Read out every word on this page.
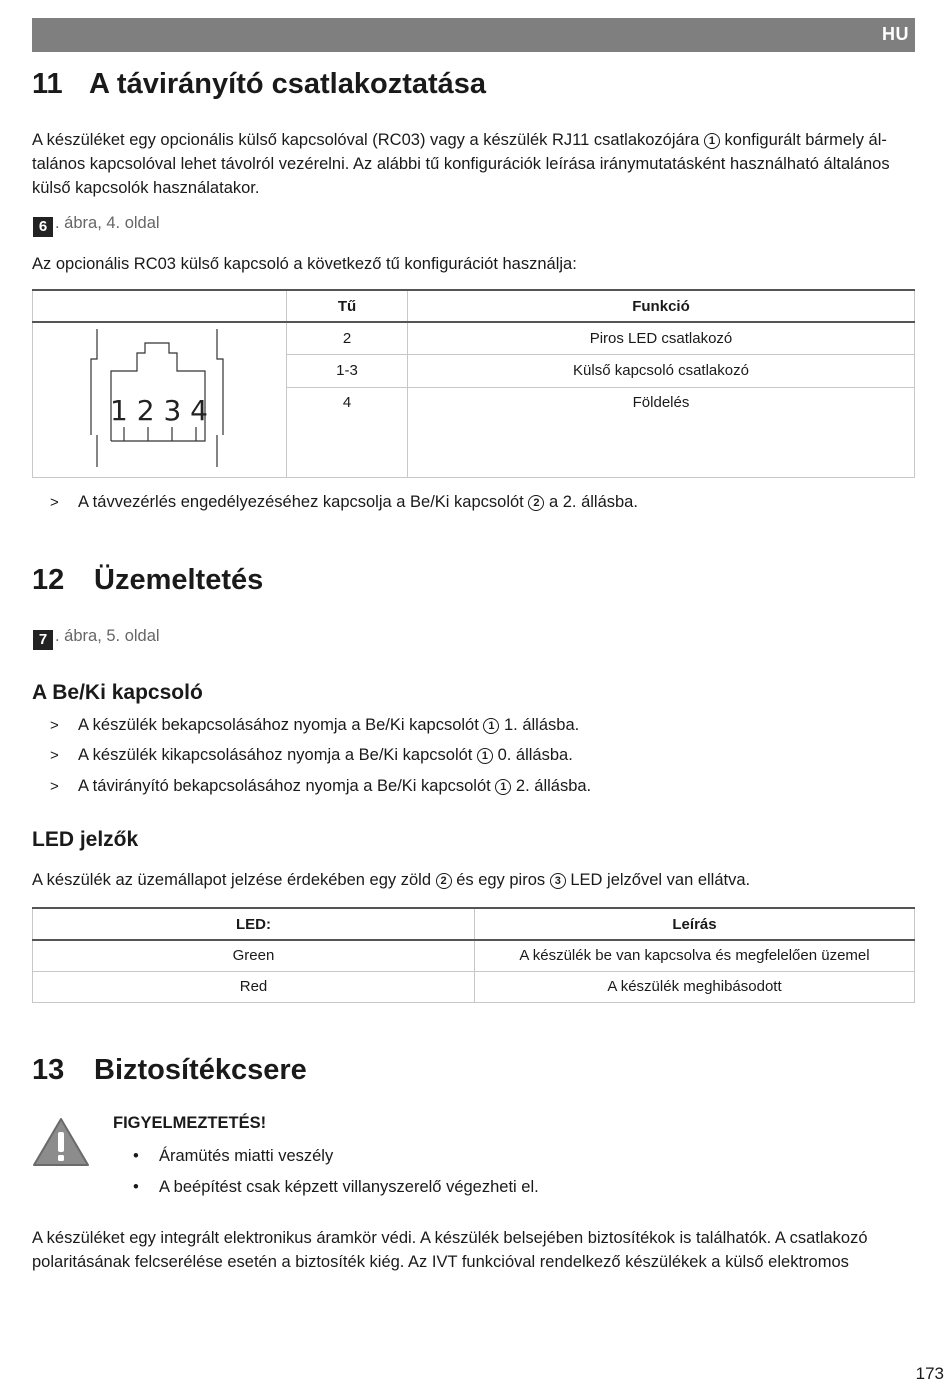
HU
11 A távirányító csatlakoztatása

A készüléket egy opcionális külső kapcsolóval (RC03) vagy a készülék RJ11 csatlakozójára 1 konfigurált bármely ál-
talános kapcsolóval lehet távolról vezérelni. Az alábbi tű konfigurációk leírása iránymutatásként használható általános
külső kapcsolók használatakor.

6 . ábra, 4. oldal

Az opcionális RC03 külső kapcsoló a következő tű konfigurációt használja:

	Tű	Funkció

1 2 3 4	2	Piros LED csatlakozó
	1-3	Külső kapcsoló csatlakozó
	4	Földelés
> A távvezérlés engedélyezéséhez kapcsolja a Be/Ki kapcsolót 2 a 2. állásba.
12 Üzemeltetés
7 . ábra, 5. oldal
A Be/Ki kapcsoló
> A készülék bekapcsolásához nyomja a Be/Ki kapcsolót 1 1. állásba.
> A készülék kikapcsolásához nyomja a Be/Ki kapcsolót 1 0. állásba.
> A távirányító bekapcsolásához nyomja a Be/Ki kapcsolót 1 2. állásba.
LED jelzők

A készülék az üzemállapot jelzése érdekében egy zöld 2 és egy piros 3 LED jelzővel van ellátva.

LED:	Leírás
Green	A készülék be van kapcsolva és megfelelően üzemel
Red	A készülék meghibásodott
13 Biztosítékcsere
FIGYELMEZTETÉS!
• Áramütés miatti veszély
• A beépítést csak képzett villanyszerelő végezheti el.

A készüléket egy integrált elektronikus áramkör védi. A készülék belsejében biztosítékok is találhatók. A csatlakozó
polaritásának felcserélése esetén a biztosíték kiég. Az IVT funkcióval rendelkező készülékek a külső elektromos

173
